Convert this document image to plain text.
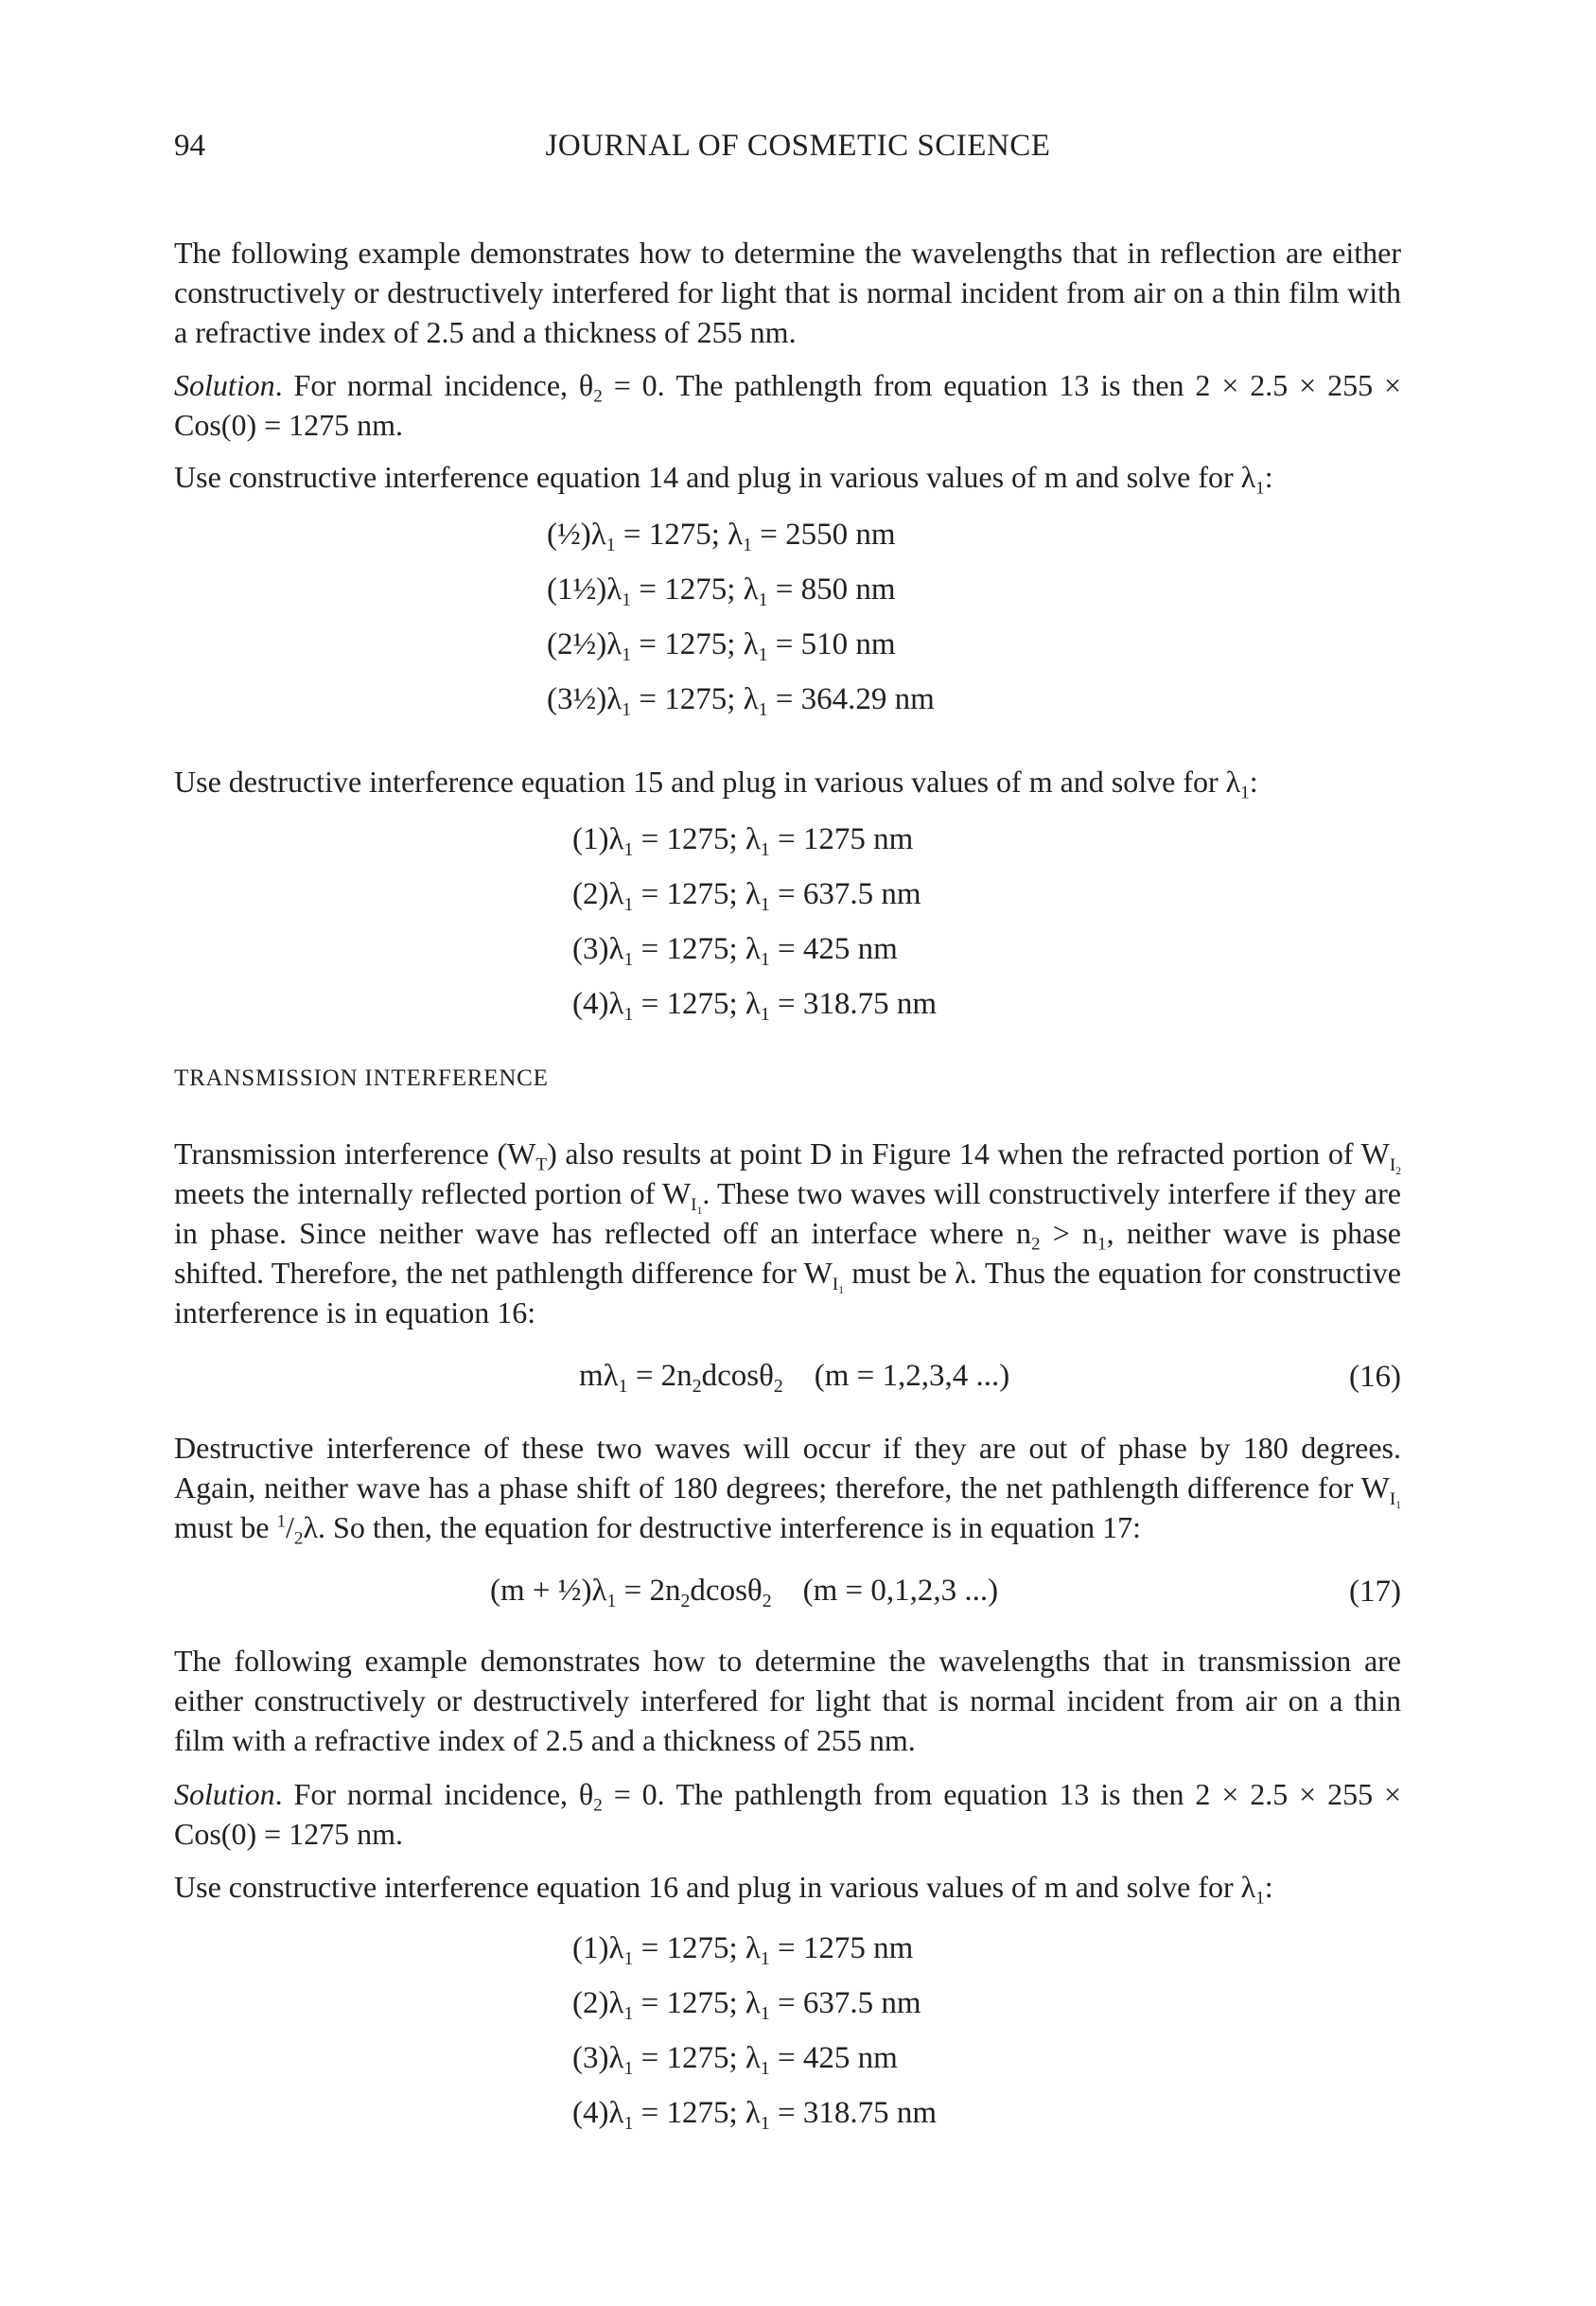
94	JOURNAL OF COSMETIC SCIENCE
The following example demonstrates how to determine the wavelengths that in reflection are either constructively or destructively interfered for light that is normal incident from air on a thin film with a refractive index of 2.5 and a thickness of 255 nm.
Solution. For normal incidence, $\theta_2 = 0$. The pathlength from equation 13 is then 2 × 2.5 × 255 × Cos(0) = 1275 nm.
Use constructive interference equation 14 and plug in various values of m and solve for $\lambda_1$:
$(\frac{1}{2})\lambda_1 = 1275$; $\lambda_1 = 2550$ nm
$(1\frac{1}{2})\lambda_1 = 1275$; $\lambda_1 = 850$ nm
$(2\frac{1}{2})\lambda_1 = 1275$; $\lambda_1 = 510$ nm
$(3\frac{1}{2})\lambda_1 = 1275$; $\lambda_1 = 364.29$ nm
Use destructive interference equation 15 and plug in various values of m and solve for $\lambda_1$:
$(1)\lambda_1 = 1275$; $\lambda_1 = 1275$ nm
$(2)\lambda_1 = 1275$; $\lambda_1 = 637.5$ nm
$(3)\lambda_1 = 1275$; $\lambda_1 = 425$ nm
$(4)\lambda_1 = 1275$; $\lambda_1 = 318.75$ nm
TRANSMISSION INTERFERENCE
Transmission interference $(W_T)$ also results at point D in Figure 14 when the refracted portion of $W_{I_2}$ meets the internally reflected portion of $W_{I_1}$. These two waves will constructively interfere if they are in phase. Since neither wave has reflected off an interface where $n_2 > n_1$, neither wave is phase shifted. Therefore, the net pathlength difference for $W_{I_1}$ must be λ. Thus the equation for constructive interference is in equation 16:
$m\lambda_1 = 2n_2dcos\theta_2$    (m = 1,2,3,4 ...)	(16)
Destructive interference of these two waves will occur if they are out of phase by 180 degrees. Again, neither wave has a phase shift of 180 degrees; therefore, the net pathlength difference for $W_{I_1}$ must be $^1/_2\lambda$. So then, the equation for destructive interference is in equation 17:
$(m + \frac{1}{2})\lambda_1 = 2n_2dcos\theta_2$    (m = 0,1,2,3 ...)	(17)
The following example demonstrates how to determine the wavelengths that in transmission are either constructively or destructively interfered for light that is normal incident from air on a thin film with a refractive index of 2.5 and a thickness of 255 nm.
Solution. For normal incidence, $\theta_2 = 0$. The pathlength from equation 13 is then 2 × 2.5 × 255 × Cos(0) = 1275 nm.
Use constructive interference equation 16 and plug in various values of m and solve for $\lambda_1$:
$(1)\lambda_1 = 1275$; $\lambda_1 = 1275$ nm
$(2)\lambda_1 = 1275$; $\lambda_1 = 637.5$ nm
$(3)\lambda_1 = 1275$; $\lambda_1 = 425$ nm
$(4)\lambda_1 = 1275$; $\lambda_1 = 318.75$ nm
